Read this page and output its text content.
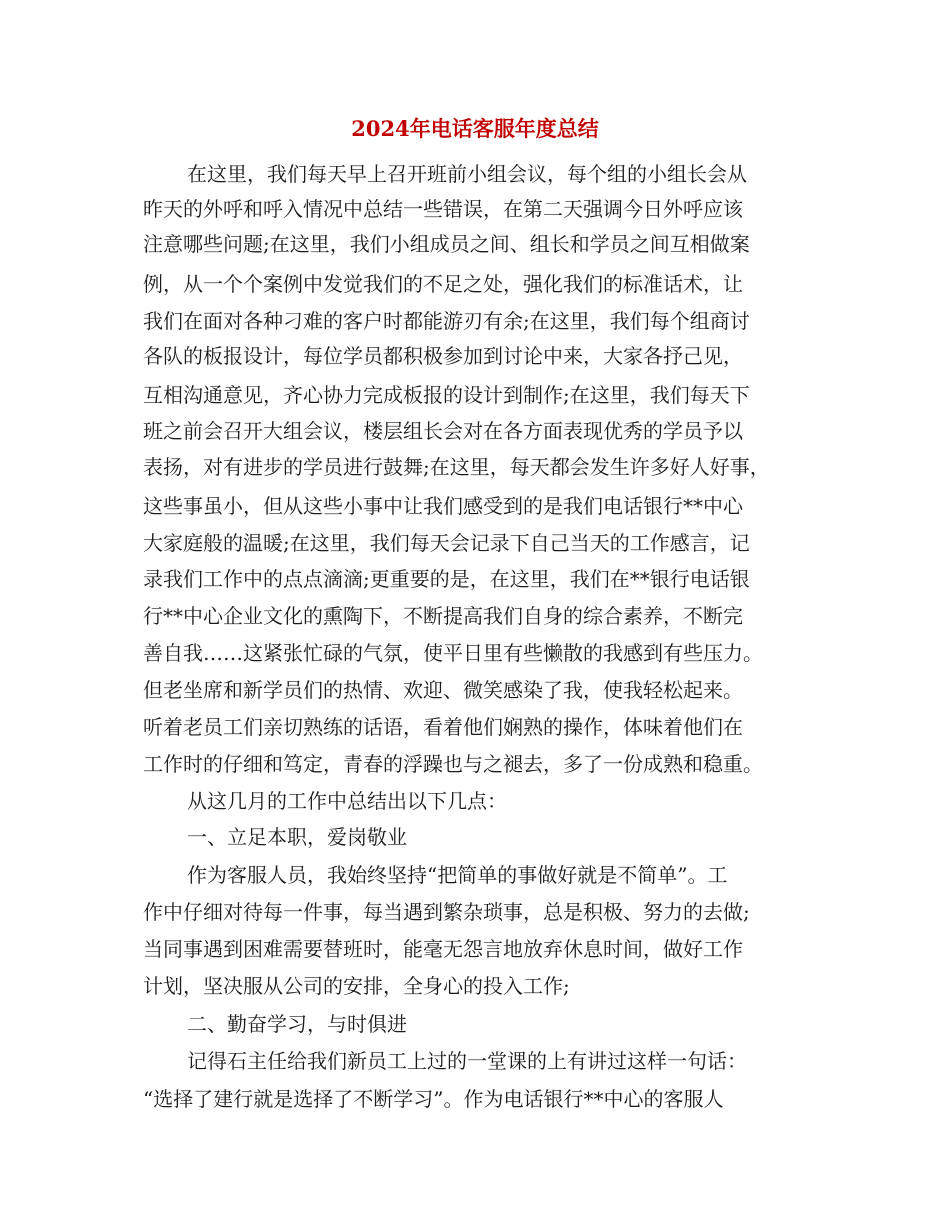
2024年电话客服年度总结
在这里，我们每天早上召开班前小组会议，每个组的小组长会从
昨天的外呼和呼入情况中总结一些错误，在第二天强调今日外呼应该
注意哪些问题;在这里，我们小组成员之间、组长和学员之间互相做案
例，从一个个案例中发觉我们的不足之处，强化我们的标准话术，让
我们在面对各种刁难的客户时都能游刃有余;在这里，我们每个组商讨
各队的板报设计，每位学员都积极参加到讨论中来，大家各抒己见，
互相沟通意见，齐心协力完成板报的设计到制作;在这里，我们每天下
班之前会召开大组会议，楼层组长会对在各方面表现优秀的学员予以
表扬，对有进步的学员进行鼓舞;在这里，每天都会发生许多好人好事，
这些事虽小，但从这些小事中让我们感受到的是我们电话银行**中心
大家庭般的温暖;在这里，我们每天会记录下自己当天的工作感言，记
录我们工作中的点点滴滴;更重要的是，在这里，我们在**银行电话银
行**中心企业文化的熏陶下，不断提高我们自身的综合素养，不断完
善自我……这紧张忙碌的气氛，使平日里有些懒散的我感到有些压力。
但老坐席和新学员们的热情、欢迎、微笑感染了我，使我轻松起来。
听着老员工们亲切熟练的话语，看着他们娴熟的操作，体味着他们在
工作时的仔细和笃定，青春的浮躁也与之褪去，多了一份成熟和稳重。
从这几月的工作中总结出以下几点：
一、立足本职，爱岗敬业
作为客服人员，我始终坚持“把简单的事做好就是不简单”。工
作中仔细对待每一件事，每当遇到繁杂琐事，总是积极、努力的去做;
当同事遇到困难需要替班时，能毫无怨言地放弃休息时间，做好工作
计划，坚决服从公司的安排，全身心的投入工作;
二、勤奋学习，与时俱进
记得石主任给我们新员工上过的一堂课的上有讲过这样一句话：
“选择了建行就是选择了不断学习”。作为电话银行**中心的客服人
